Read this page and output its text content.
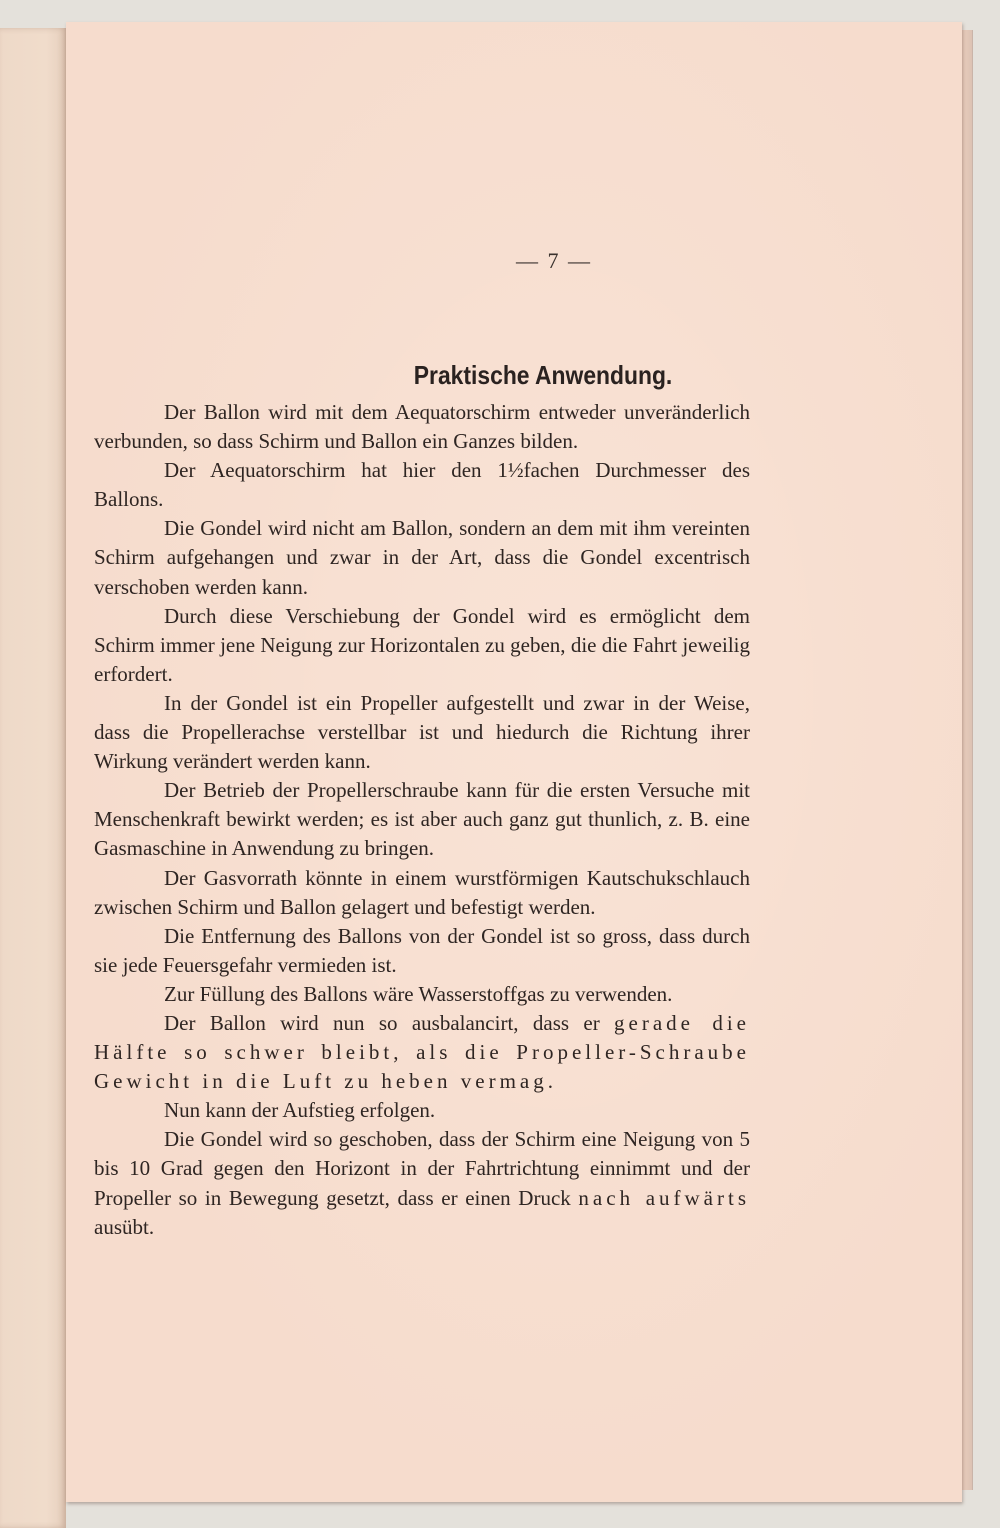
— 7 —
Praktische Anwendung.

Der Ballon wird mit dem Aequatorschirm entweder unveränderlich verbunden, so dass Schirm und Ballon ein Ganzes bilden.

Der Aequatorschirm hat hier den 1½fachen Durchmesser des Ballons.

Die Gondel wird nicht am Ballon, sondern an dem mit ihm vereinten Schirm aufgehangen und zwar in der Art, dass die Gondel excentrisch verschoben werden kann.

Durch diese Verschiebung der Gondel wird es ermöglicht dem Schirm immer jene Neigung zur Horizontalen zu geben, die die Fahrt jeweilig erfordert.

In der Gondel ist ein Propeller aufgestellt und zwar in der Weise, dass die Propellerachse verstellbar ist und hiedurch die Richtung ihrer Wirkung verändert werden kann.

Der Betrieb der Propellerschraube kann für die ersten Versuche mit Menschenkraft bewirkt werden; es ist aber auch ganz gut thunlich, z. B. eine Gasmaschine in Anwendung zu bringen.

Der Gasvorrath könnte in einem wurstförmigen Kautschukschlauch zwischen Schirm und Ballon gelagert und befestigt werden.

Die Entfernung des Ballons von der Gondel ist so gross, dass durch sie jede Feuersgefahr vermieden ist.

Zur Füllung des Ballons wäre Wasserstoffgas zu verwenden.

Der Ballon wird nun so ausbalancirt, dass er gerade die Hälfte so schwer bleibt, als die Propeller-Schraube Gewicht in die Luft zu heben vermag.

Nun kann der Aufstieg erfolgen.

Die Gondel wird so geschoben, dass der Schirm eine Neigung von 5 bis 10 Grad gegen den Horizont in der Fahrtrichtung einnimmt und der Propeller so in Bewegung gesetzt, dass er einen Druck nach aufwärts ausübt.
